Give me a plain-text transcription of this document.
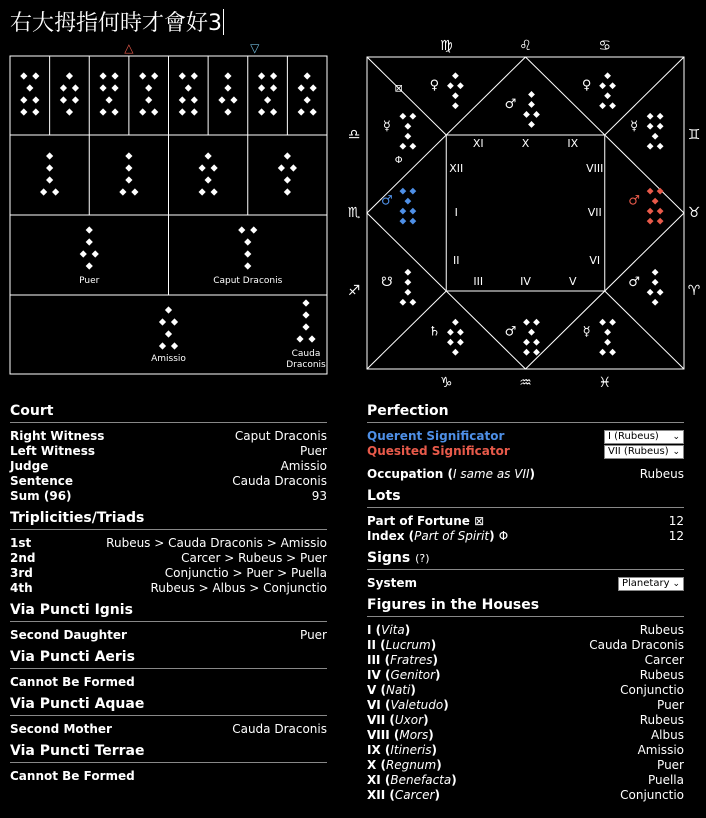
右大拇指何時才會好3
△	▽
Puer	Caput Draconis
Amissio	Cauda
Draconis
♍	♌	♋
♑	♒	♓
♎
♏
♐
♊
♉
♈
I
II
III	IV	V
VI
VII
VIII
IX
X
XI
XII
♂
☋
♄	♂	☿
♂
♂
☿
♀
♂
♀
☿
⊠
Φ
Court
Right Witness	Caput Draconis
Left Witness	Puer
Judge	Amissio
Sentence	Cauda Draconis
Sum (96)	93
Triplicities/Triads
1st	Rubeus > Cauda Draconis > Amissio
2nd	Carcer > Rubeus > Puer
3rd	Conjunctio > Puer > Puella
4th	Rubeus > Albus > Conjunctio
Via Puncti Ignis
Second Daughter	Puer
Via Puncti Aeris
Cannot Be Formed
Via Puncti Aquae
Second Mother	Cauda Draconis
Via Puncti Terrae
Cannot Be Formed
Perfection
Querent Significator	I (Rubeus) ⌄
Quesited Significator	VII (Rubeus) ⌄
Occupation (I same as VII)	Rubeus
Lots
Part of Fortune ⊠	12
Index (Part of Spirit) Φ	12
Signs (?)
System	Planetary ⌄
Figures in the Houses
I (Vita)	Rubeus
II (Lucrum)	Cauda Draconis
III (Fratres)	Carcer
IV (Genitor)	Rubeus
V (Nati)	Conjunctio
VI (Valetudo)	Puer
VII (Uxor)	Rubeus
VIII (Mors)	Albus
IX (Itineris)	Amissio
X (Regnum)	Puer
XI (Benefacta)	Puella
XII (Carcer)	Conjunctio
